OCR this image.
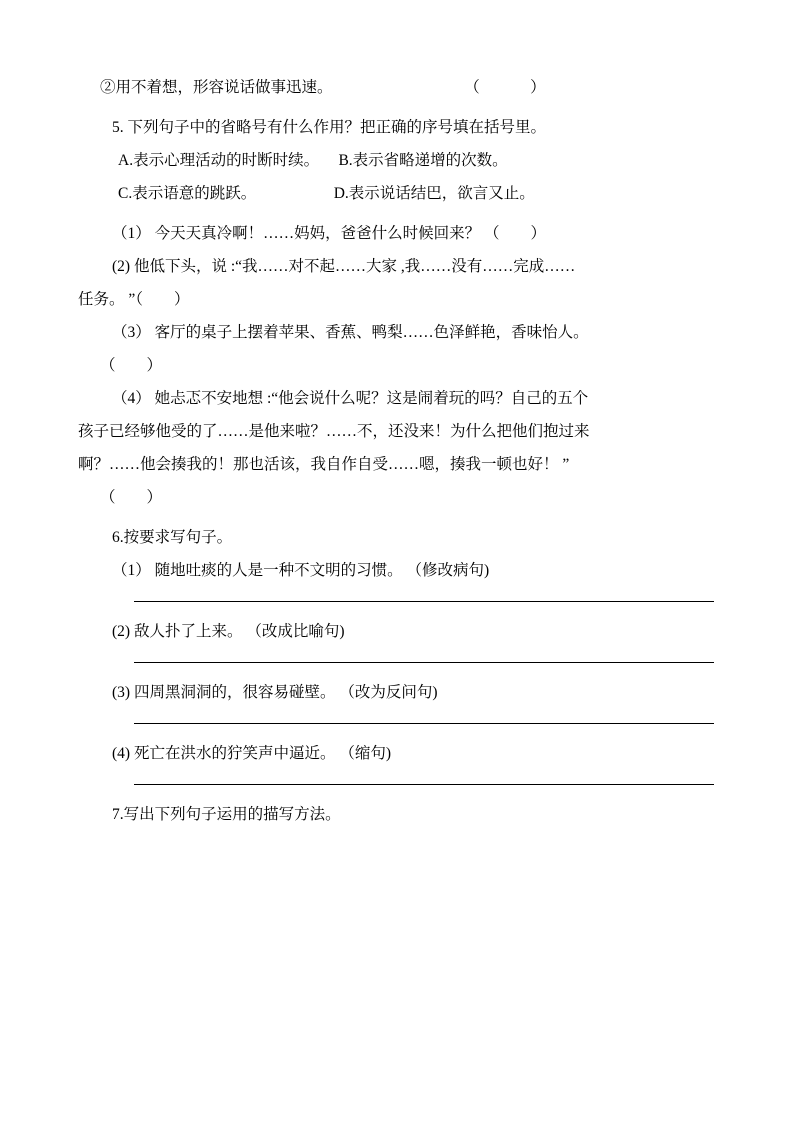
②用不着想，形容说话做事迅速。                                  （             ）
5. 下列句子中的省略号有什么作用？把正确的序号填在括号里。
A.表示心理活动的时断时续。     B.表示省略递增的次数。
C.表示语意的跳跃。                    D.表示说话结巴，欲言又止。
（1） 今天天真冷啊！……妈妈，爸爸什么时候回来？ （        ）
(2) 他低下头，说 :“我……对不起……大家 ,我……没有……完成……
任务。 ”（        ）
（3） 客厅的桌子上摆着苹果、香蕉、鸭梨……色泽鲜艳，香味怡人。
（        ）
（4） 她忐忑不安地想 :“他会说什么呢？这是闹着玩的吗？自己的五个
孩子已经够他受的了……是他来啦？……不，还没来！为什么把他们抱过来
啊？……他会揍我的！那也活该，我自作自受……嗯，揍我一顿也好！ ”
（        ）
6.按要求写句子。
（1） 随地吐痰的人是一种不文明的习惯。 （修改病句)
(2) 敌人扑了上来。 （改成比喻句)
(3) 四周黑洞洞的，很容易碰壁。 （改为反问句)
(4) 死亡在洪水的狞笑声中逼近。 （缩句)
7.写出下列句子运用的描写方法。
